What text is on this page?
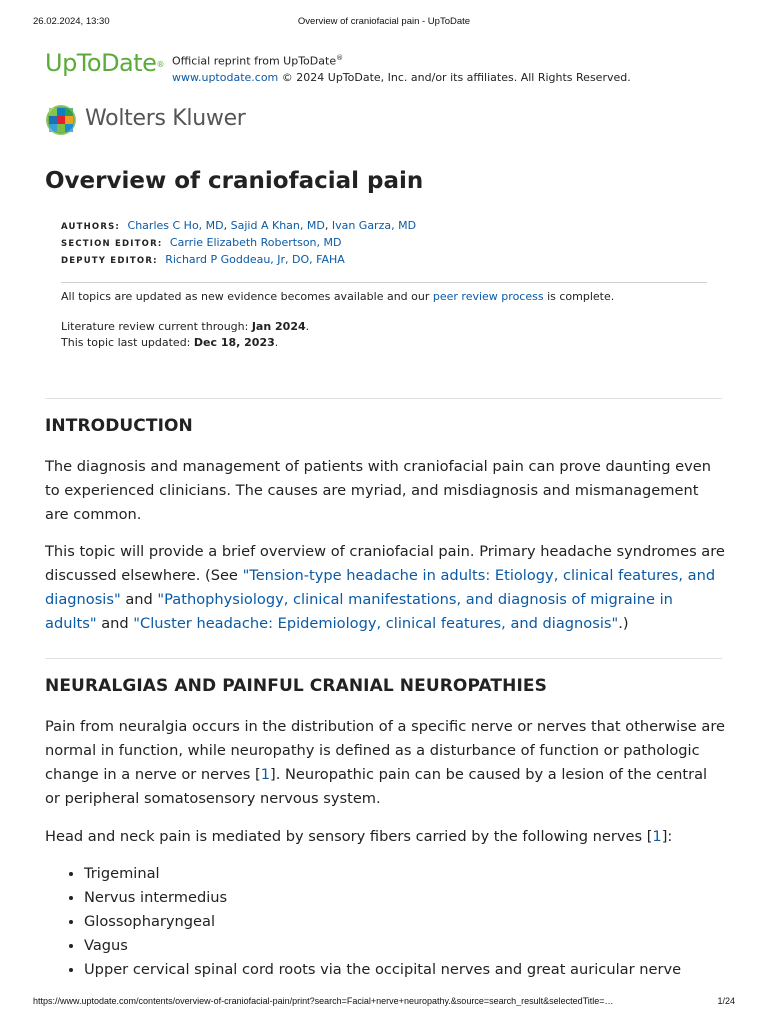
26.02.2024, 13:30	Overview of craniofacial pain - UpToDate
UpToDate® Official reprint from UpToDate®
www.uptodate.com © 2024 UpToDate, Inc. and/or its affiliates. All Rights Reserved.
Wolters Kluwer
Overview of craniofacial pain
AUTHORS: Charles C Ho, MD, Sajid A Khan, MD, Ivan Garza, MD
SECTION EDITOR: Carrie Elizabeth Robertson, MD
DEPUTY EDITOR: Richard P Goddeau, Jr, DO, FAHA

All topics are updated as new evidence becomes available and our peer review process is complete.

Literature review current through: Jan 2024.

This topic last updated: Dec 18, 2023.

INTRODUCTION

The diagnosis and management of patients with craniofacial pain can prove daunting even to experienced clinicians. The causes are myriad, and misdiagnosis and mismanagement are common.

This topic will provide a brief overview of craniofacial pain. Primary headache syndromes are discussed elsewhere. (See "Tension-type headache in adults: Etiology, clinical features, and diagnosis" and "Pathophysiology, clinical manifestations, and diagnosis of migraine in adults" and "Cluster headache: Epidemiology, clinical features, and diagnosis".)

NEURALGIAS AND PAINFUL CRANIAL NEUROPATHIES

Pain from neuralgia occurs in the distribution of a specific nerve or nerves that otherwise are normal in function, while neuropathy is defined as a disturbance of function or pathologic change in a nerve or nerves [1]. Neuropathic pain can be caused by a lesion of the central or peripheral somatosensory nervous system.

Head and neck pain is mediated by sensory fibers carried by the following nerves [1]:

• Trigeminal
• Nervus intermedius
• Glossopharyngeal
• Vagus
• Upper cervical spinal cord roots via the occipital nerves and great auricular nerve
https://www.uptodate.com/contents/overview-of-craniofacial-pain/print?search=Facial+nerve+neuropathy.&source=search_result&selectedTitle=…	1/24
